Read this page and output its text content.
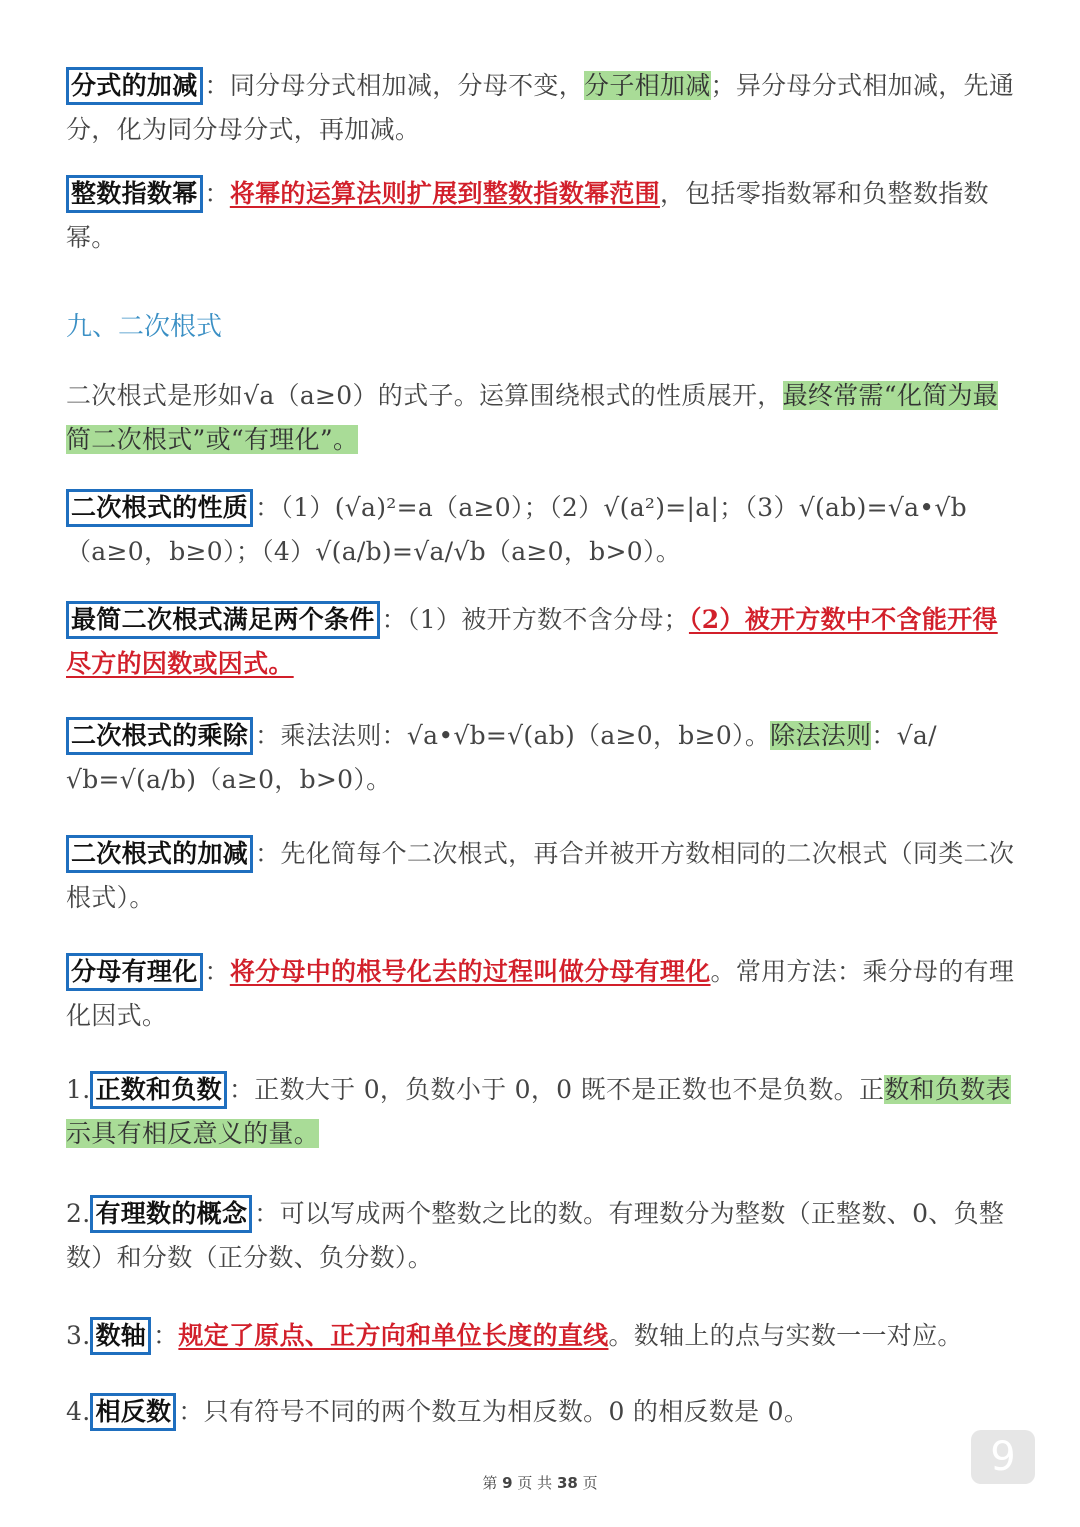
分式的加减 ：同分母分式相加减，分母不变，分子相加减；异分母分式相加减，先通分，化为同分母分式，再加减。

整数指数幂 ：将幂的运算法则扩展到整数指数幂范围，包括零指数幂和负整数指数幂。

九、二次根式

二次根式是形如√a（a≥0）的式子。运算围绕根式的性质展开，最终常需“化简为最简二次根式”或“有理化”。

二次根式的性质 ：（1）(√a)²=a（a≥0）；（2）√(a²)=|a|；（3）√(ab)=√a•√b（a≥0，b≥0）；（4）√(a/b)=√a/√b（a≥0，b>0）。

最简二次根式满足两个条件 ：（1）被开方数不含分母；（2）被开方数中不含能开得尽方的因数或因式。

二次根式的乘除 ：乘法法则：√a•√b=√(ab)（a≥0，b≥0）。除法法则：√a/√b=√(a/b)（a≥0，b>0）。

二次根式的加减 ：先化简每个二次根式，再合并被开方数相同的二次根式（同类二次根式）。

分母有理化 ：将分母中的根号化去的过程叫做分母有理化。常用方法：乘分母的有理化因式。

1. 正数和负数 ：正数大于 0，负数小于 0，0 既不是正数也不是负数。正数和负数表示具有相反意义的量。

2. 有理数的概念 ：可以写成两个整数之比的数。有理数分为整数（正整数、0、负整数）和分数（正分数、负分数）。

3. 数轴 ：规定了原点、正方向和单位长度的直线。数轴上的点与实数一一对应。

4. 相反数 ：只有符号不同的两个数互为相反数。0 的相反数是 0。

9
第 9 页 共 38 页
